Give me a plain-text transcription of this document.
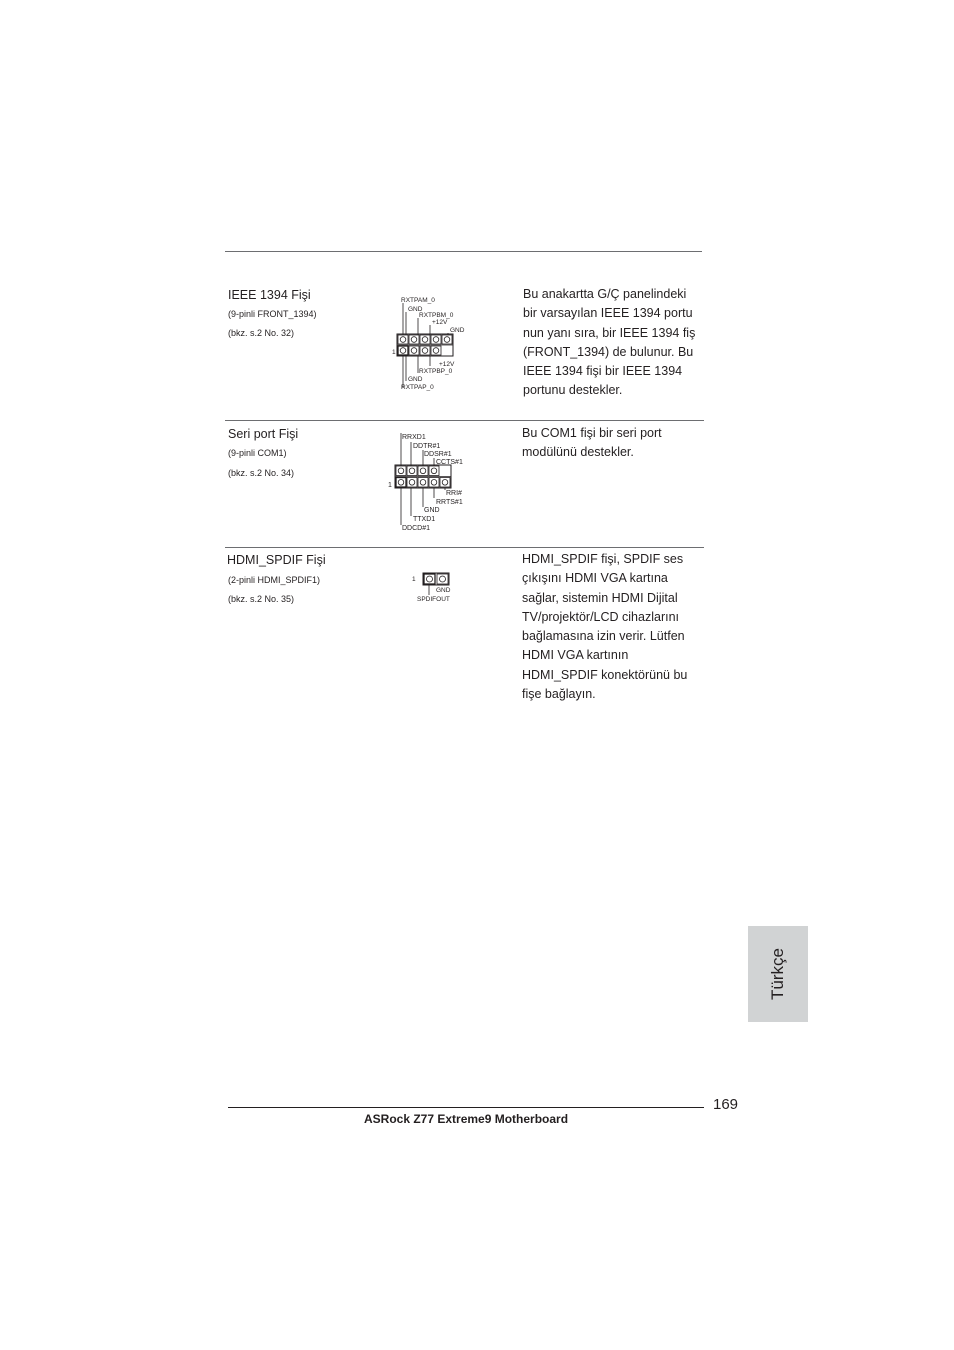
IEEE 1394 Fişi
(9-pinli FRONT_1394)
(bkz. s.2 No. 32)
RXTPAM_0
GND
RXTPBM_0
+12V
GND
1
+12V
RXTPBP_0
GND
RXTPAP_0
Bu anakartta G/Ç panelindeki
bir varsayılan IEEE 1394 portu
nun yanı sıra, bir IEEE 1394 fiş
(FRONT_1394) de bulunur. Bu
IEEE 1394 fişi bir IEEE 1394
portunu destekler.
Seri port Fişi
(9-pinli COM1)
(bkz. s.2 No. 34)
RRXD1
DDTR#1
DDSR#1
CCTS#1
1
RRI#
RRTS#1
GND
TTXD1
DDCD#1
Bu COM1 fişi bir seri port
modülünü destekler.
HDMI_SPDIF Fişi
(2-pinli HDMI_SPDIF1)
(bkz. s.2 No. 35)
1
GND
SPDIFOUT
HDMI_SPDIF fişi, SPDIF ses
çıkışını HDMI VGA kartına
sağlar, sistemin HDMI Dijital
TV/projektör/LCD cihazlarını
bağlamasına izin verir. Lütfen
HDMI VGA kartının
HDMI_SPDIF konektörünü bu
fişe bağlayın.
Türkçe
169
ASRock Z77 Extreme9 Motherboard
